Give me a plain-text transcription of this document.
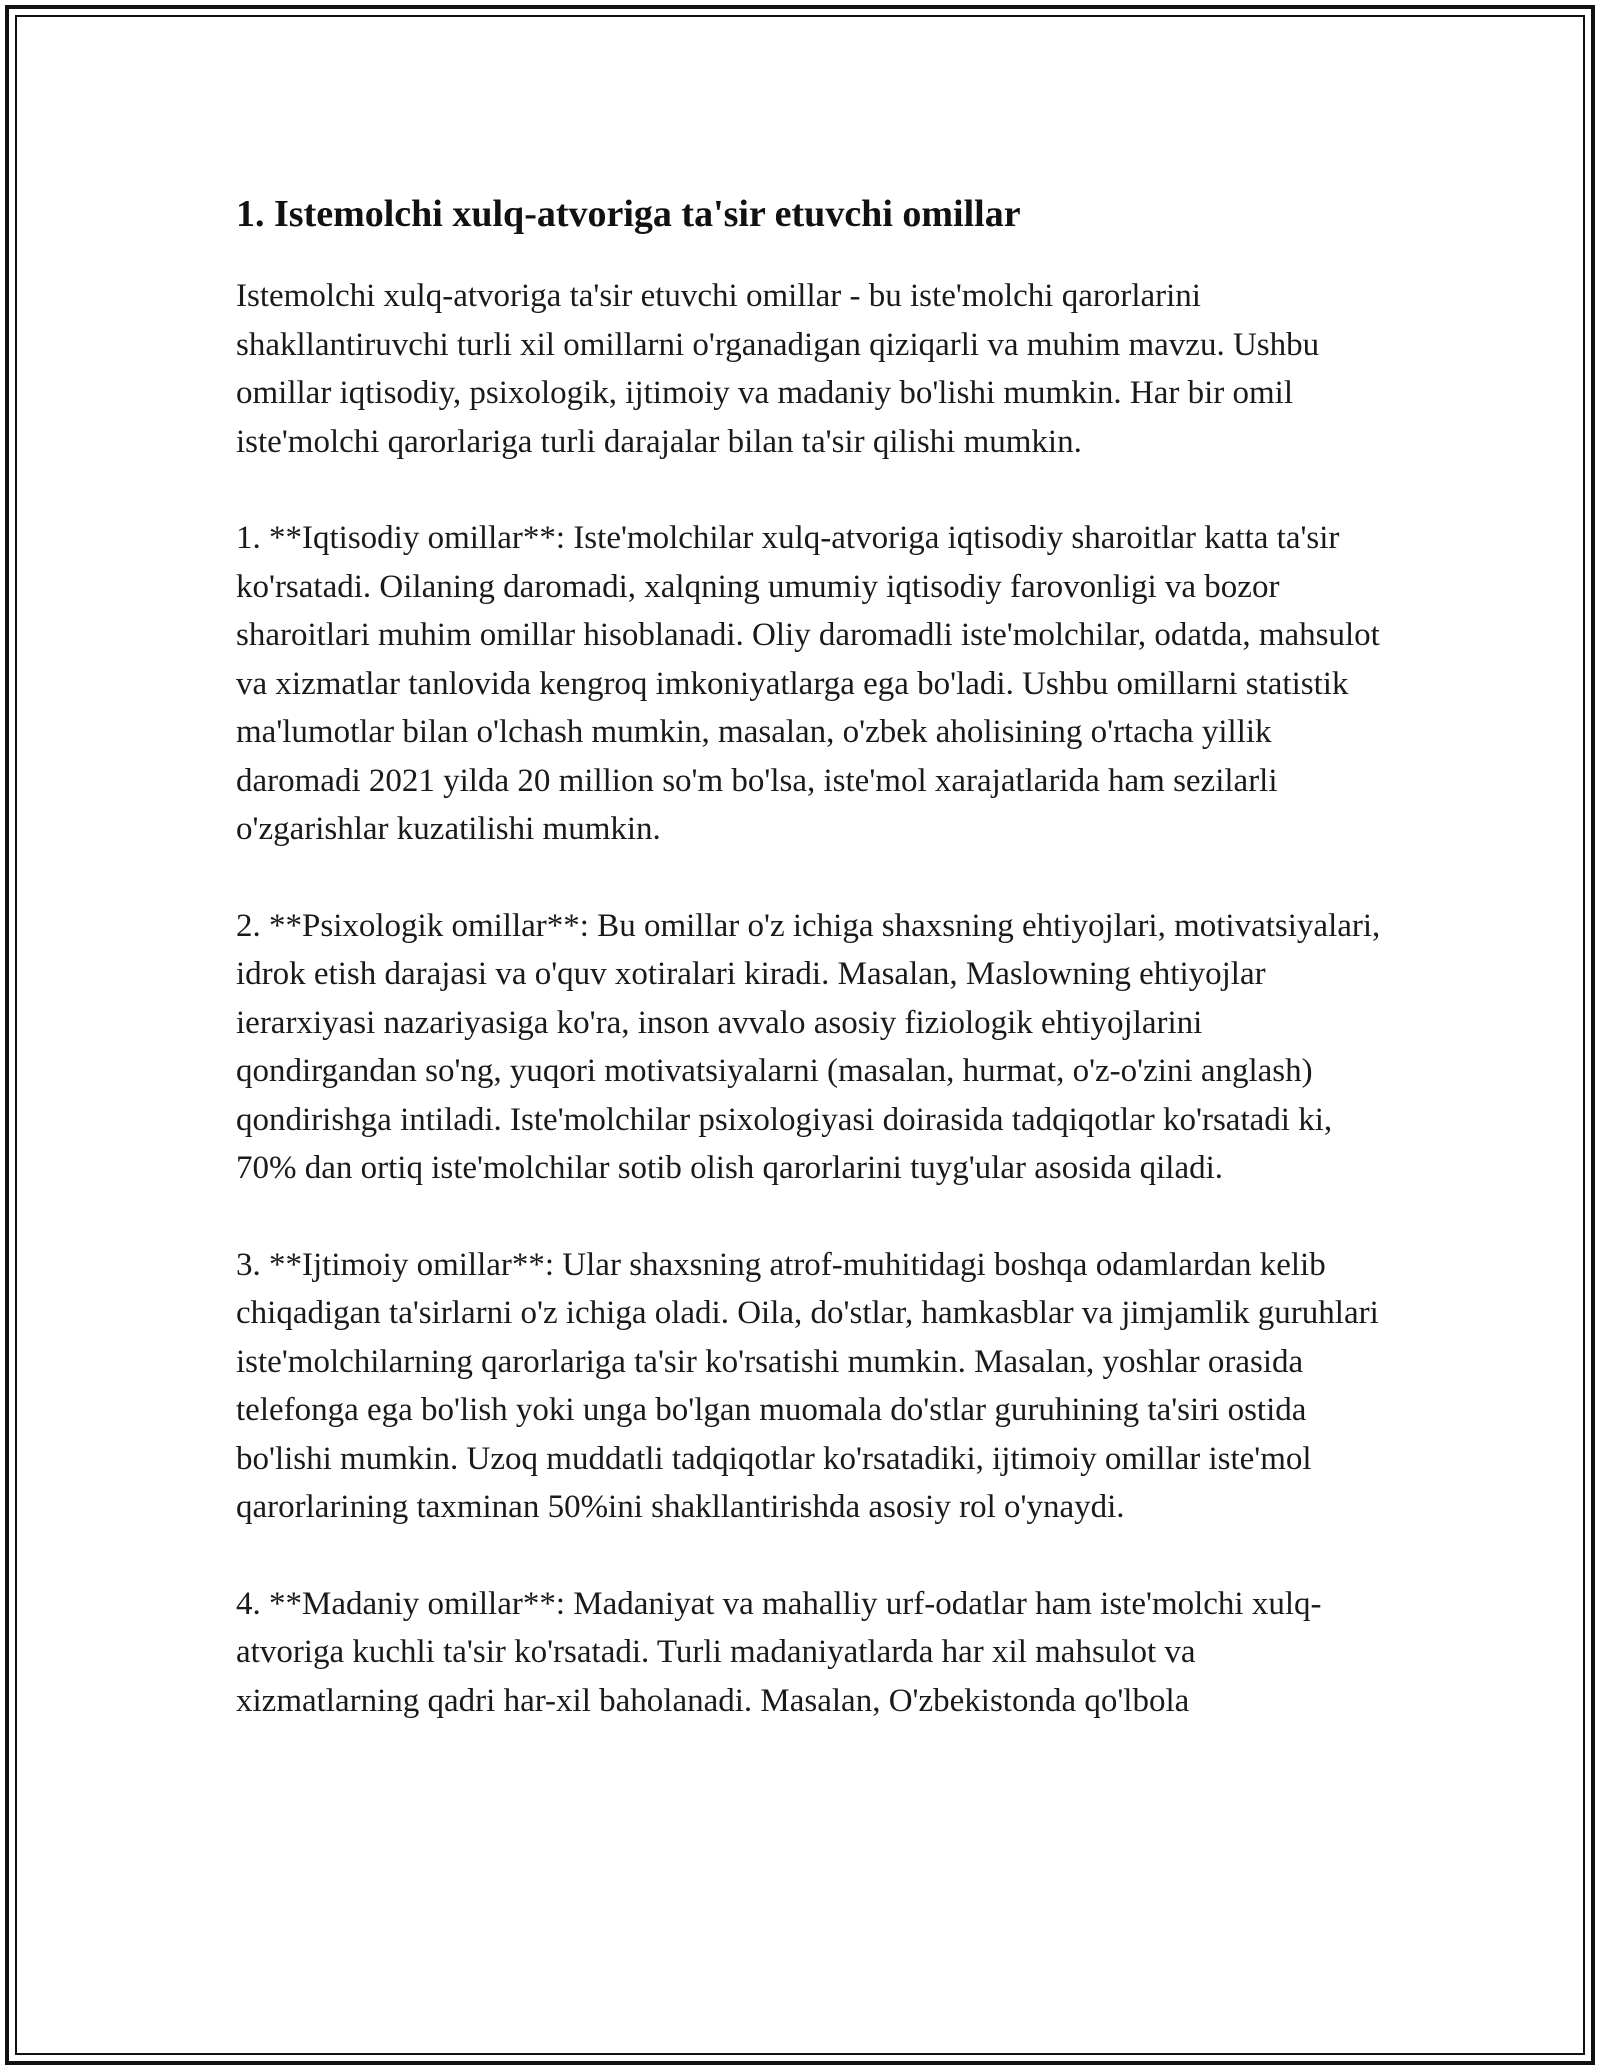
1. Istemolchi xulq-atvoriga ta'sir etuvchi omillar

Istemolchi xulq-atvoriga ta'sir etuvchi omillar - bu iste'molchi qarorlarini shakllantiruvchi turli xil omillarni o'rganadigan qiziqarli va muhim mavzu. Ushbu omillar iqtisodiy, psixologik, ijtimoiy va madaniy bo'lishi mumkin. Har bir omil iste'molchi qarorlariga turli darajalar bilan ta'sir qilishi mumkin.

1. **Iqtisodiy omillar**: Iste'molchilar xulq-atvoriga iqtisodiy sharoitlar katta ta'sir ko'rsatadi. Oilaning daromadi, xalqning umumiy iqtisodiy farovonligi va bozor sharoitlari muhim omillar hisoblanadi. Oliy daromadli iste'molchilar, odatda, mahsulot va xizmatlar tanlovida kengroq imkoniyatlarga ega bo'ladi. Ushbu omillarni statistik ma'lumotlar bilan o'lchash mumkin, masalan, o'zbek aholisining o'rtacha yillik daromadi 2021 yilda 20 million so'm bo'lsa, iste'mol xarajatlarida ham sezilarli o'zgarishlar kuzatilishi mumkin.

2. **Psixologik omillar**: Bu omillar o'z ichiga shaxsning ehtiyojlari, motivatsiyalari, idrok etish darajasi va o'quv xotiralari kiradi. Masalan, Maslowning ehtiyojlar ierarxiyasi nazariyasiga ko'ra, inson avvalo asosiy fiziologik ehtiyojlarini qondirgandan so'ng, yuqori motivatsiyalarni (masalan, hurmat, o'z-o'zini anglash) qondirishga intiladi. Iste'molchilar psixologiyasi doirasida tadqiqotlar ko'rsatadi ki, 70% dan ortiq iste'molchilar sotib olish qarorlarini tuyg'ular asosida qiladi.

3. **Ijtimoiy omillar**: Ular shaxsning atrof-muhitidagi boshqa odamlardan kelib chiqadigan ta'sirlarni o'z ichiga oladi. Oila, do'stlar, hamkasblar va jimjamlik guruhlari iste'molchilarning qarorlariga ta'sir ko'rsatishi mumkin. Masalan, yoshlar orasida telefonga ega bo'lish yoki unga bo'lgan muomala do'stlar guruhining ta'siri ostida bo'lishi mumkin. Uzoq muddatli tadqiqotlar ko'rsatadiki, ijtimoiy omillar iste'mol qarorlarining taxminan 50%ini shakllantirishda asosiy rol o'ynaydi.

4. **Madaniy omillar**: Madaniyat va mahalliy urf-odatlar ham iste'molchi xulq-atvoriga kuchli ta'sir ko'rsatadi. Turli madaniyatlarda har xil mahsulot va xizmatlarning qadri har-xil baholanadi. Masalan, O'zbekistonda qo'lbola
